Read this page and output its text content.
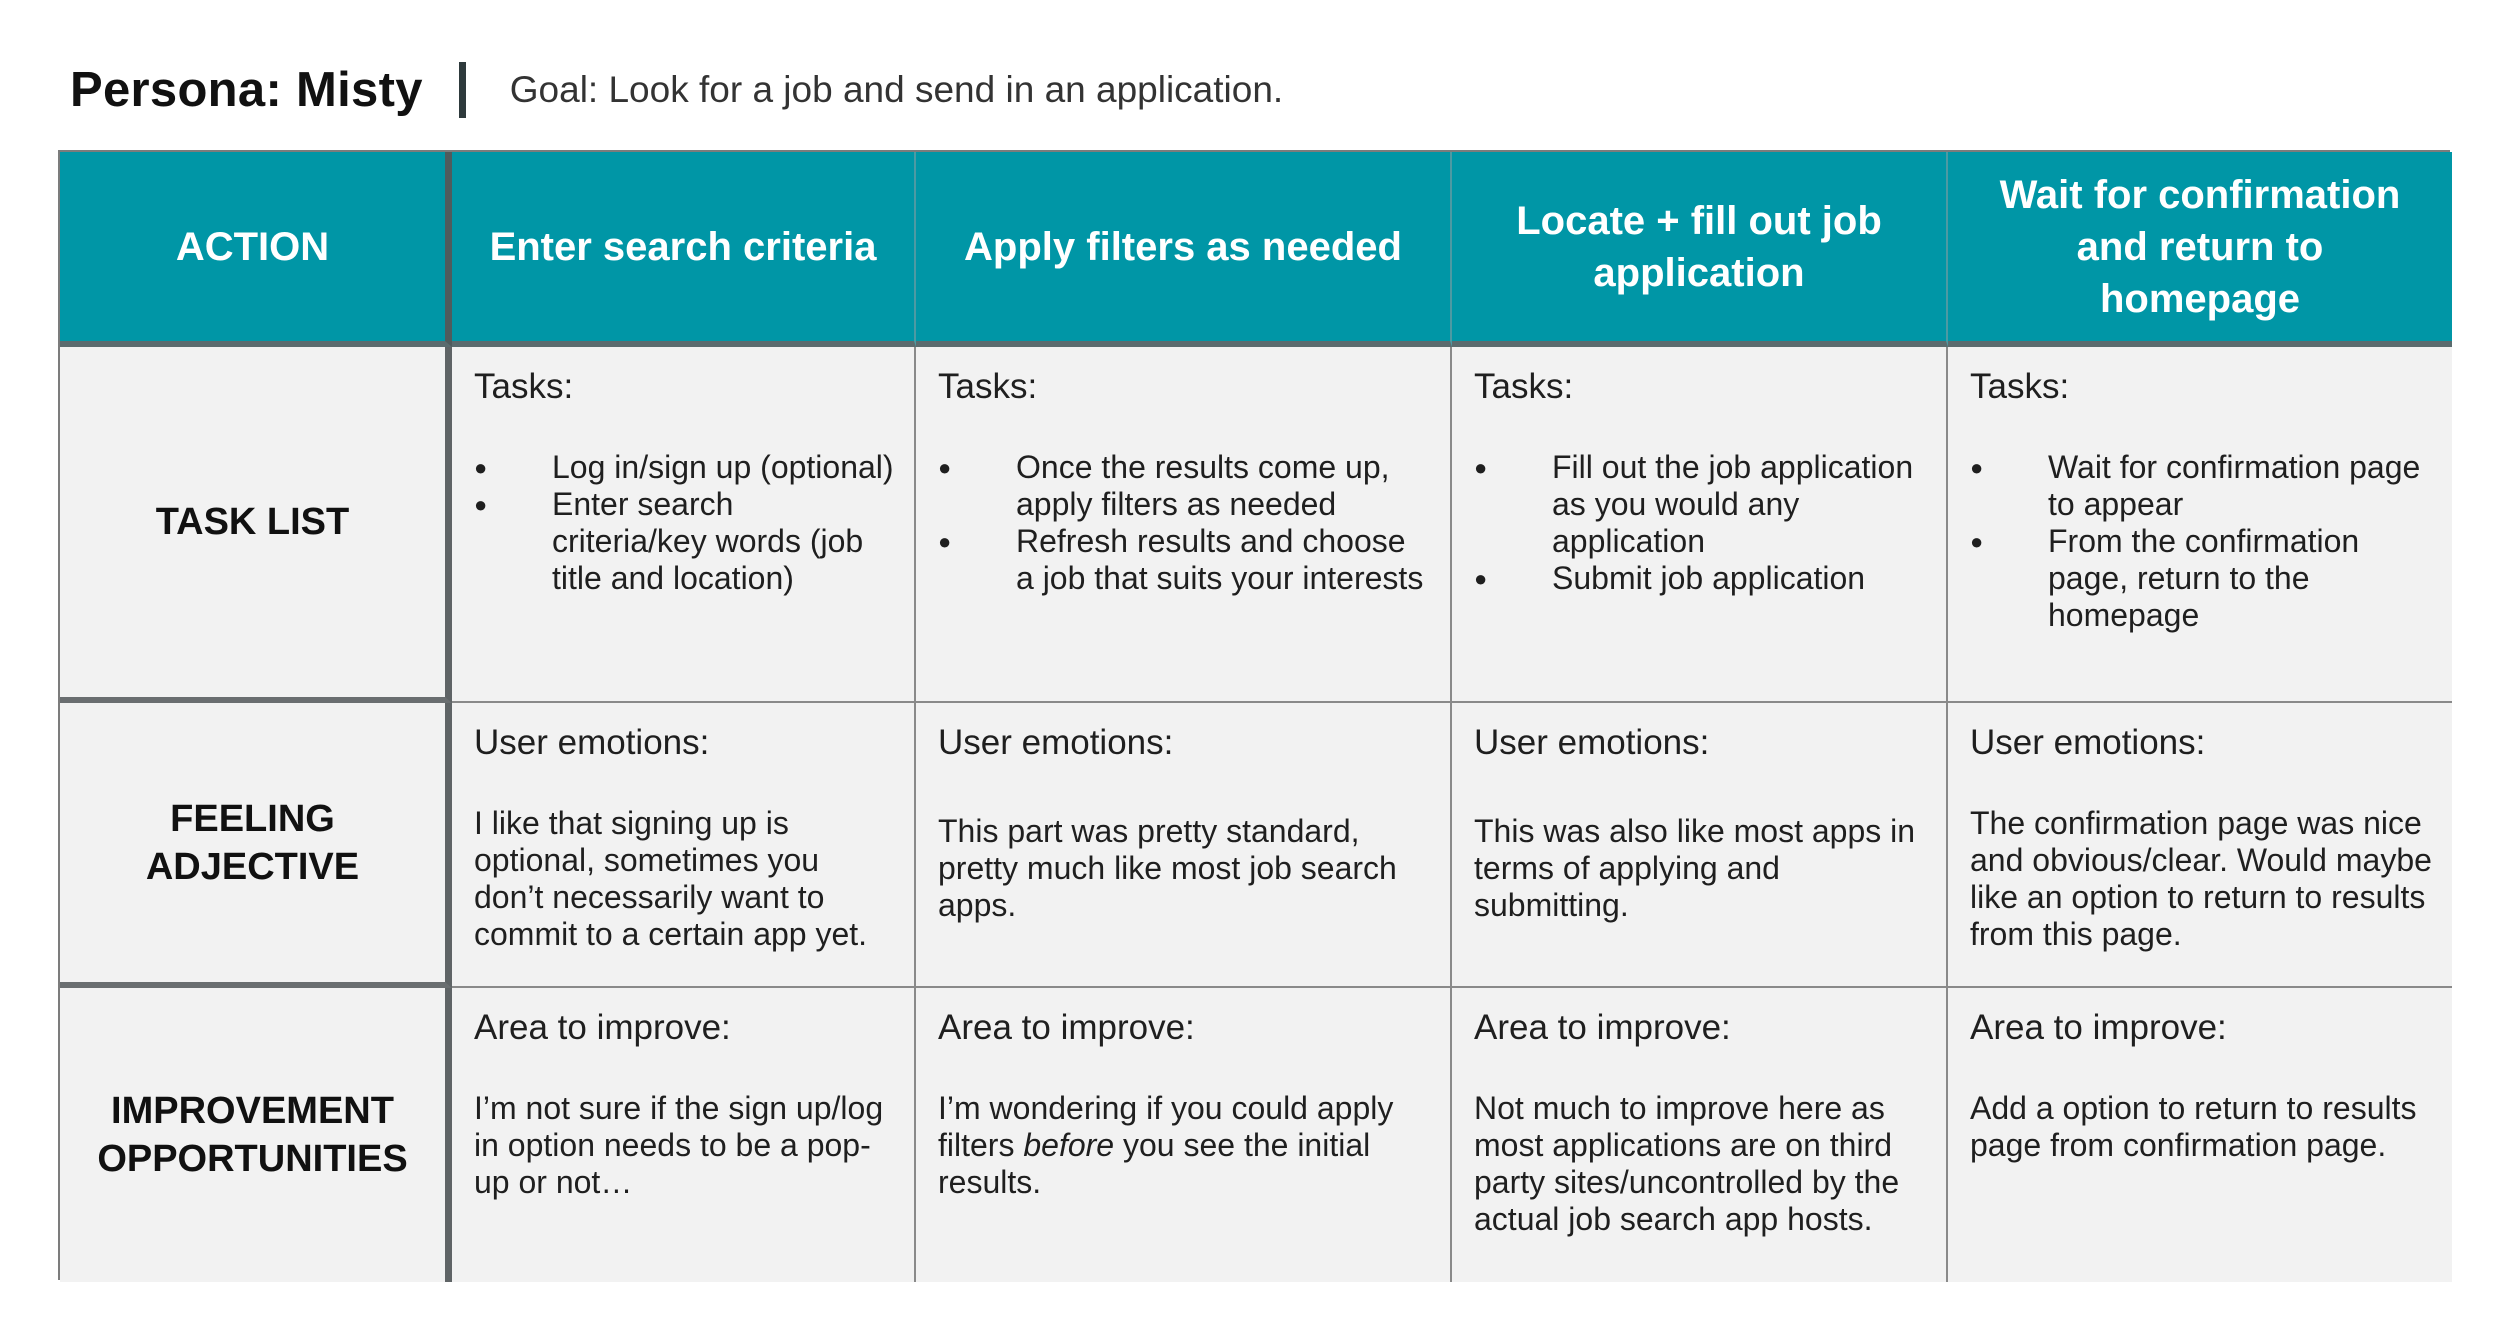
Persona: Misty Goal: Look for a job and send in an application.
ACTION	Enter search criteria Apply filters as needed
Locate + fill out job application
Wait for confirmation and return to homepage
TASK LIST
Tasks:
● Log in/sign up (optional)
● Enter search criteria/key words (job title and location)
Tasks:
● Once the results come up, apply filters as needed
● Refresh results and choose a job that suits your interests
Tasks:
● Fill out the job application as you would any application
● Submit job application
Tasks:
● Wait for confirmation page to appear
● From the confirmation page, return to the homepage
FEELING ADJECTIVE
User emotions:

I like that signing up is optional, sometimes you don’t necessarily want to commit to a certain app yet.

User emotions:

This part was pretty standard, pretty much like most job search apps.

User emotions:

This was also like most apps in terms of applying and submitting.

User emotions:

The confirmation page was nice and obvious/clear. Would maybe like an option to return to results from this page.

IMPROVEMENT OPPORTUNITIES
Area to improve:

I’m not sure if the sign up/log in option needs to be a pop-up or not…

Area to improve:

I’m wondering if you could apply filters before you see the initial results.

Area to improve:

Not much to improve here as most applications are on third party sites/uncontrolled by the actual job search app hosts.

Area to improve:

Add a option to return to results page from confirmation page.
